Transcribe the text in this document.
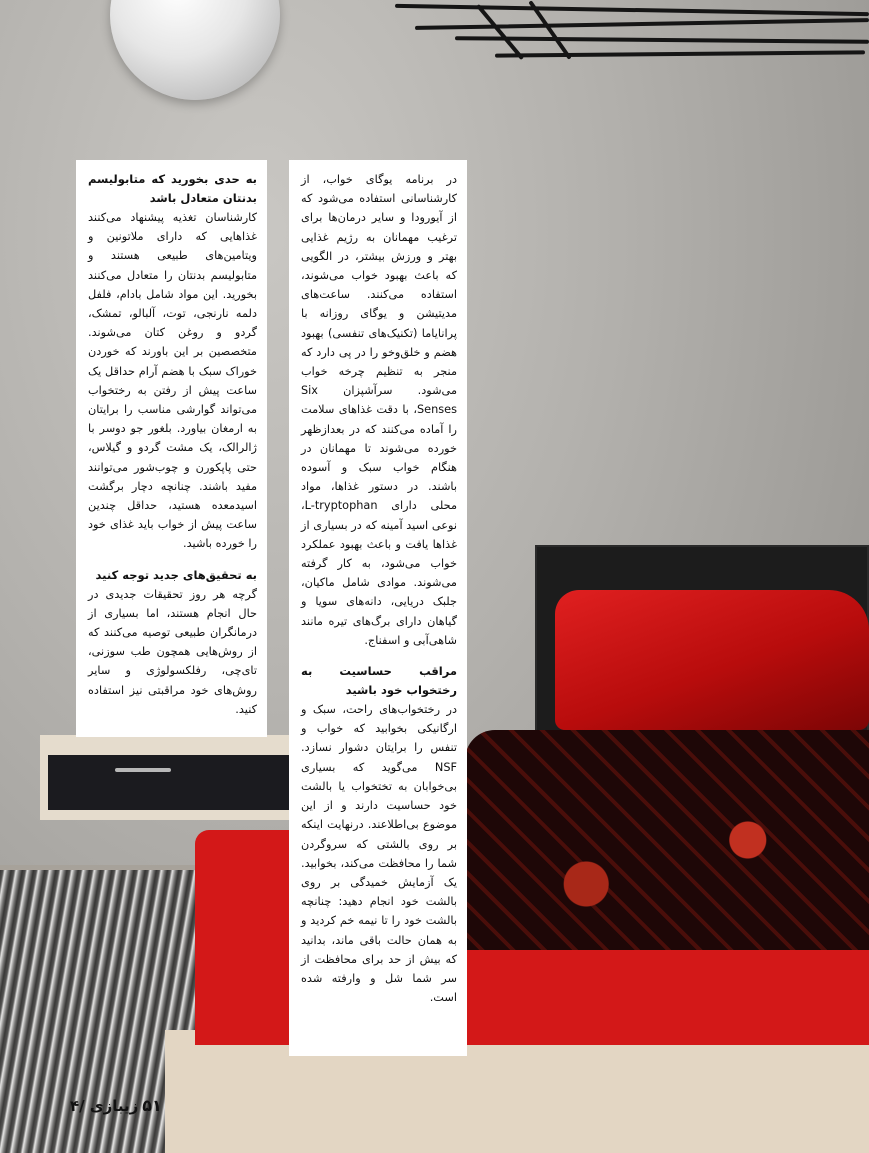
به حدی بخورید که متابولیسم بدنتان متعادل باشد

کارشناسان تغذیه پیشنهاد می‌کنند غذاهایی که دارای ملاتونین و ویتامین‌های طبیعی هستند و متابولیسم بدنتان را متعادل می‌کنند بخورید. این مواد شامل بادام، فلفل دلمه نارنجی، توت، آلبالو، تمشک، گردو و روغن کتان می‌شوند. متخصصین بر این باورند که خوردن خوراک سبک با هضم آرام حداقل یک ساعت پیش از رفتن به رختخواب می‌تواند گوارشی مناسب را برایتان به ارمغان بیاورد. بلغور جو دوسر با ژالرالک، یک مشت گردو و گیلاس، حتی پاپکورن و چوب‌شور می‌توانند مفید باشند. چنانچه دچار برگشت اسیدمعده هستید، حداقل چندین ساعت پیش از خواب باید غذای خود را خورده باشید.

به تحقیق‌های جدید توجه کنید

گرچه هر روز تحقیقات جدیدی در حال انجام هستند، اما بسیاری از درمانگران طبیعی توصیه می‌کنند که از روش‌هایی همچون طب سوزنی، تای‌چی، رفلکسولوژی و سایر روش‌های خود مراقبتی نیز استفاده کنید.

در برنامه یوگای خواب، از کارشناسانی استفاده می‌شود که از آیورودا و سایر درمان‌ها برای ترغیب مهمانان به رژیم غذایی بهتر و ورزش بیشتر، در الگویی که باعث بهبود خواب می‌شوند، استفاده می‌کنند. ساعت‌های مدیتیشن و یوگای روزانه با پرانایاما (تکنیک‌های تنفسی) بهبود هضم و خلق‌وخو را در پی دارد که منجر به تنظیم چرخه خواب می‌شود. سرآشپزان Six Senses، با دقت غذاهای سلامت را آماده می‌کنند که در بعدازظهر خورده می‌شوند تا مهمانان در هنگام خواب سبک و آسوده باشند. در دستور غذاها، مواد محلی دارای L-tryptophan، نوعی اسید آمینه که در بسیاری از غذاها یافت و باعث بهبود عملکرد خواب می‌شود، به کار گرفته می‌شوند. موادی شامل ماکیان، جلبک دریایی، دانه‌های سویا و گیاهان دارای برگ‌های تیره مانند شاهی‌آبی و اسفناج.

مراقب حساسیت به رختخواب خود باشید

در رختخواب‌های راحت، سبک و ارگانیکی بخوابید که خواب و تنفس را برایتان دشوار نسازد. NSF می‌گوید که بسیاری بی‌خوابان به تختخواب یا بالشت خود حساسیت دارند و از این موضوع بی‌اطلاعند. درنهایت اینکه بر روی بالشتی که سروگردن شما را محافظت می‌کند، بخوابید. یک آزمایش خمیدگی بر روی بالشت خود انجام دهید: چنانچه بالشت خود را تا نیمه خم کردید و به همان حالت باقی ماند، بدانید که بیش از حد برای محافظت از سر شما شل و وارفته شده است.

۵۱
زیبازی /۴
